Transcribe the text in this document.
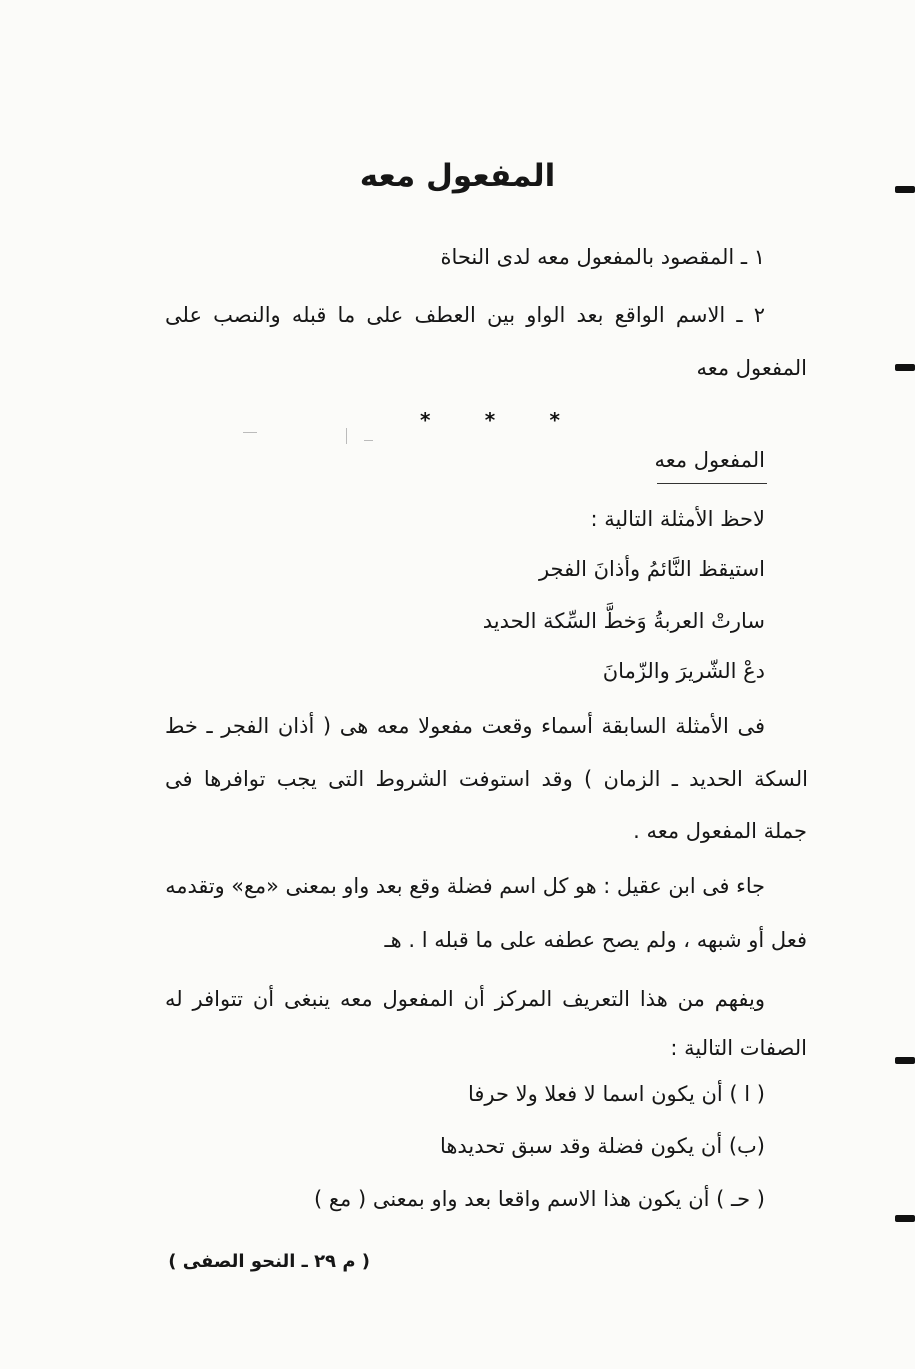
المفعول معه
١ ـ المقصود بالمفعول معه لدى النحاة
٢ ـ الاسم الواقع بعد الواو بين العطف على ما قبله والنصب على
المفعول معه
*	*	*
المفعول معه
لاحظ الأمثلة التالية :
استيقظ النَّائمُ وأذانَ الفجر
سارتْ العربةُ وَخطَّ السِّكة الحديد
دعْ الشّريرَ والزّمانَ
فى الأمثلة السابقة أسماء وقعت مفعولا معه هى ( أذان الفجر ـ خط
السكة الحديد ـ الزمان ) وقد استوفت الشروط التى يجب توافرها فى
جملة المفعول معه .
جاء فى ابن عقيل : هو كل اسم فضلة وقع بعد واو بمعنى «مع» وتقدمه
فعل أو شبهه ، ولم يصح عطفه على ما قبله ا . هـ
ويفهم من هذا التعريف المركز أن المفعول معه ينبغى أن تتوافر له
الصفات التالية :
( ا ) أن يكون اسما لا فعلا ولا حرفا
(ب) أن يكون فضلة وقد سبق تحديدها
( حـ ) أن يكون هذا الاسم واقعا بعد واو بمعنى ( مع )
( م ٢٩ ـ النحو الصفى )
